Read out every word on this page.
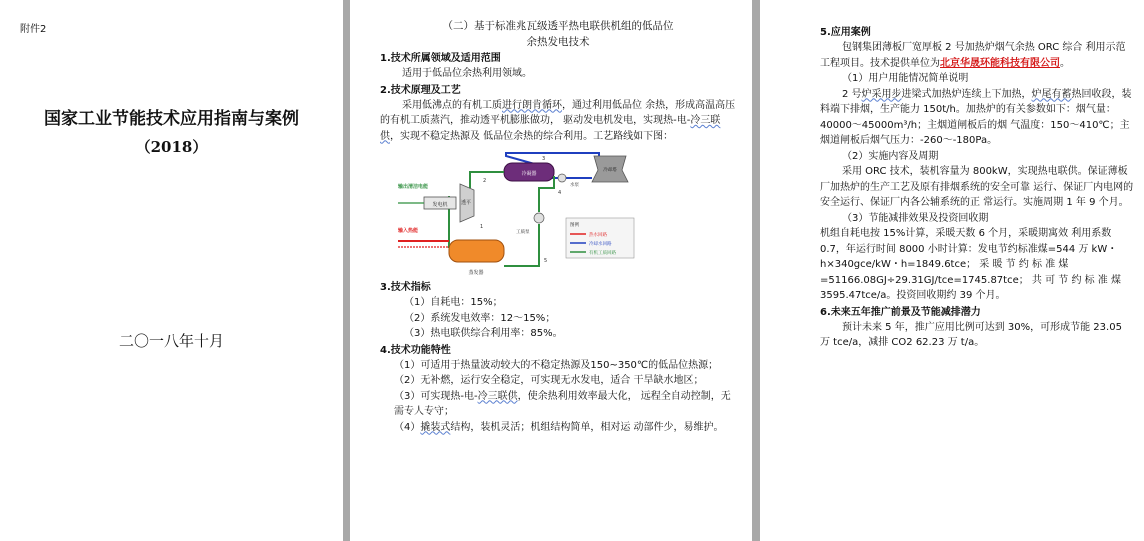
附件2
国家工业节能技术应用指南与案例
（2018）
二〇一八年十月
（二）基于标准兆瓦级透平热电联供机组的低品位
余热发电技术
1.技术所属领域及适用范围
适用于低品位余热利用领域。
2.技术原理及工艺
采用低沸点的有机工质进行朗肯循环，通过利用低品位 余热，形成高温高压的有机工质蒸汽，推动透平机膨胀做功， 驱动发电机发电，实现热-电-冷三联供，实现不稳定热源及 低品位余热的综合利用。工艺路线如下图：
冷却塔
冷凝器
水泵
透平
发电机
输出清洁电能
工质泵
输入热能
蒸发器
1
2
3
4
5
图例
热水回路
冷却水回路
有机工质回路
3.技术指标
（1）自耗电：15%；
（2）系统发电效率：12～15%；
（3）热电联供综合利用率：85%。
4.技术功能特性
（1）可适用于热量波动较大的不稳定热源及150~350℃的低品位热源；
（2）无补燃，运行安全稳定，可实现无水发电，适合 干旱缺水地区；
（3）可实现热-电-冷三联供，使余热利用效率最大化， 远程全自动控制，无需专人专守；
（4）撬装式结构，装机灵活；机组结构简单，相对运 动部件少，易维护。
5.应用案例
包钢集团薄板厂宽厚板 2 号加热炉烟气余热 ORC 综合 利用示范工程项目。技术提供单位为北京华晟环能科技有限公司。
（1）用户用能情况简单说明
2 号炉采用步进梁式加热炉连续上下加热，炉尾有蓄热回收段，装料端下排烟，生产能力 150t/h。加热炉的有关参数如下：烟气量：40000～45000m³/h；主烟道闸板后的烟 气温度：150～410℃；主烟道闸板后烟气压力：-260～-180Pa。
（2）实施内容及周期
采用 ORC 技术，装机容量为 800kW，实现热电联供。保证薄板厂加热炉的生产工艺及原有排烟系统的安全可靠 运行、保证厂内电网的安全运行、保证厂内各公辅系统的正 常运行。实施周期 1 年 9 个月。
（3）节能减排效果及投资回收期
机组自耗电按 15%计算，采暖天数 6 个月，采暖期寓效 利用系数 0.7，年运行时间 8000 小时计算：发电节约标准煤=544 万 kW・h×340gce/kW・h=1849.6tce； 采 暖 节 约 标 准 煤
=51166.08GJ÷29.31GJ/tce=1745.87tce； 共 可 节 约 标 准 煤
3595.47tce/a。投资回收期约 39 个月。
6.未来五年推广前景及节能减排潜力
预计未来 5 年，推广应用比例可达到 30%，可形成节能 23.05 万 tce/a，减排 CO2 62.23 万 t/a。
